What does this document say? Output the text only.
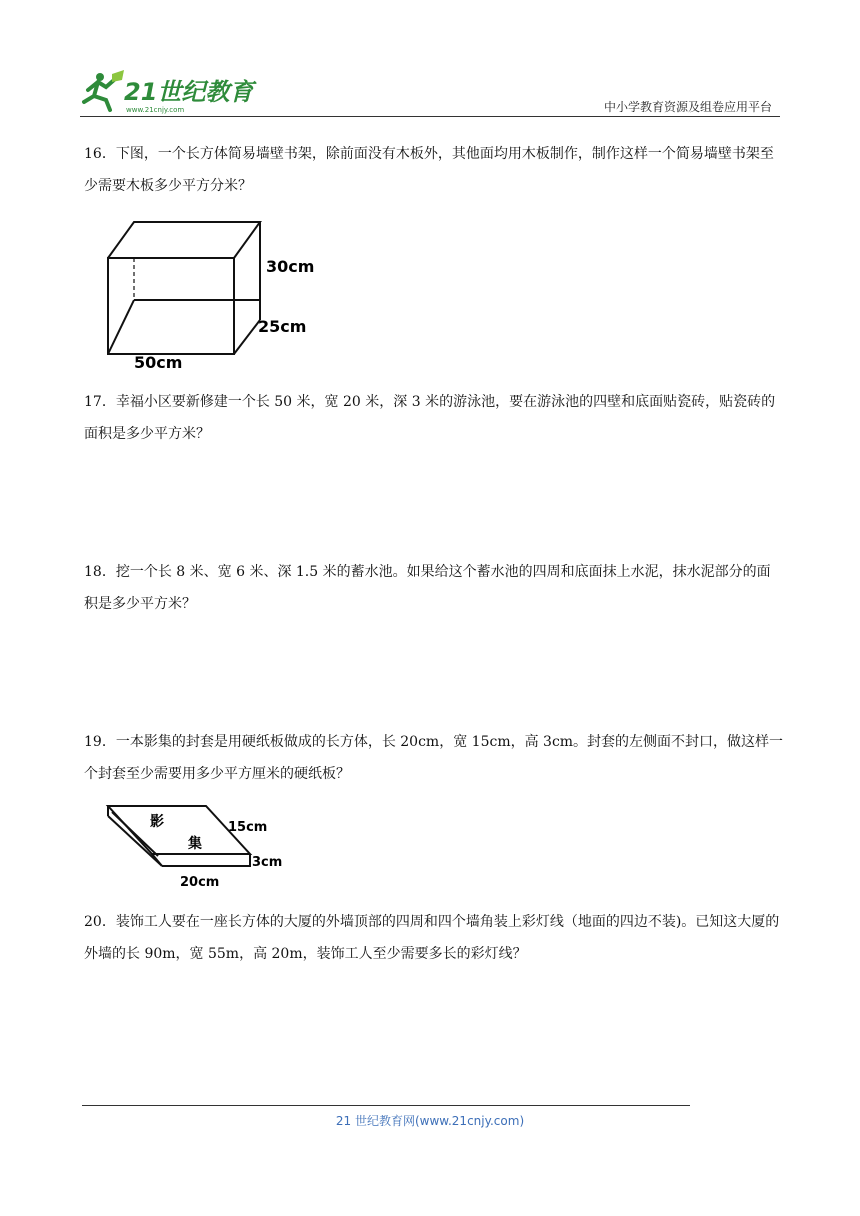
21世纪教育
www.21cnjy.com	中小学教育资源及组卷应用平台

16．下图，一个长方体简易墙壁书架，除前面没有木板外，其他面均用木板制作，制作这样一个简易墙壁书架至少需要木板多少平方分米？

30cm
25cm
50cm

17．幸福小区要新修建一个长 50 米，宽 20 米，深 3 米的游泳池，要在游泳池的四壁和底面贴瓷砖，贴瓷砖的面积是多少平方米？

18．挖一个长 8 米、宽 6 米、深 1.5 米的蓄水池。如果给这个蓄水池的四周和底面抹上水泥，抹水泥部分的面积是多少平方米？

19．一本影集的封套是用硬纸板做成的长方体，长 20cm，宽 15cm，高 3cm。封套的左侧面不封口，做这样一个封套至少需要用多少平方厘米的硬纸板？

影
集
15cm
3cm
20cm

20．装饰工人要在一座长方体的大厦的外墙顶部的四周和四个墙角装上彩灯线（地面的四边不装)。已知这大厦的外墙的长 90m，宽 55m，高 20m，装饰工人至少需要多长的彩灯线？

21 世纪教育网(www.21cnjy.com)
